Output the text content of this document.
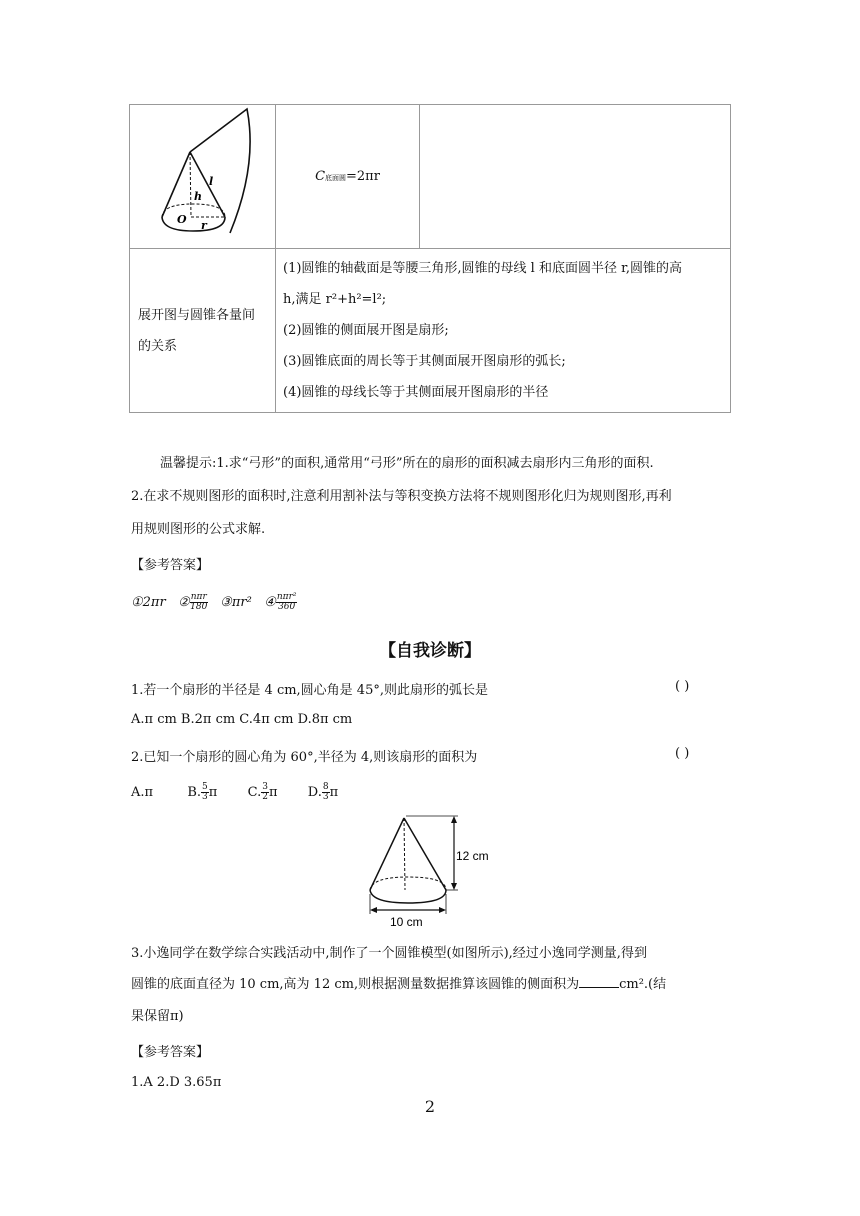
h
l
O r	C底面圆=2πr	
展开图与圆锥各量间的关系	(1)圆锥的轴截面是等腰三角形,圆锥的母线 l 和底面圆半径 r,圆锥的高
h,满足 r²+h²=l²;
(2)圆锥的侧面展开图是扇形;
(3)圆锥底面的周长等于其侧面展开图扇形的弧长;
(4)圆锥的母线长等于其侧面展开图扇形的半径	
温馨提示:1.求“弓形”的面积,通常用“弓形”所在的扇形的面积减去扇形内三角形的面积.
2.在求不规则图形的面积时,注意利用割补法与等积变换方法将不规则图形化归为规则图形,再利
用规则图形的公式求解.
【参考答案】
①2πr ② $\frac{\text{nπr}}{180}$ ③πr² ④ $\frac{\text{nπr²}}{360}$
【自我诊断】
1.若一个扇形的半径是 4 cm,圆心角是 45°,则此扇形的弧长是	( )
A.π cm B.2π cm C.4π cm D.8π cm
2.已知一个扇形的圆心角为 60°,半径为 4,则该扇形的面积为	( )
A.π	B. $\frac{5}{3}$ π C. $\frac{3}{2}$ π D. $\frac{8}{3}$ π
12 cm
10 cm
3.小逸同学在数学综合实践活动中,制作了一个圆锥模型(如图所示),经过小逸同学测量,得到
圆锥的底面直径为 10 cm,高为 12 cm,则根据测量数据推算该圆锥的侧面积为	cm².(结
果保留π)
【参考答案】
1.A 2.D 3.65π
2
